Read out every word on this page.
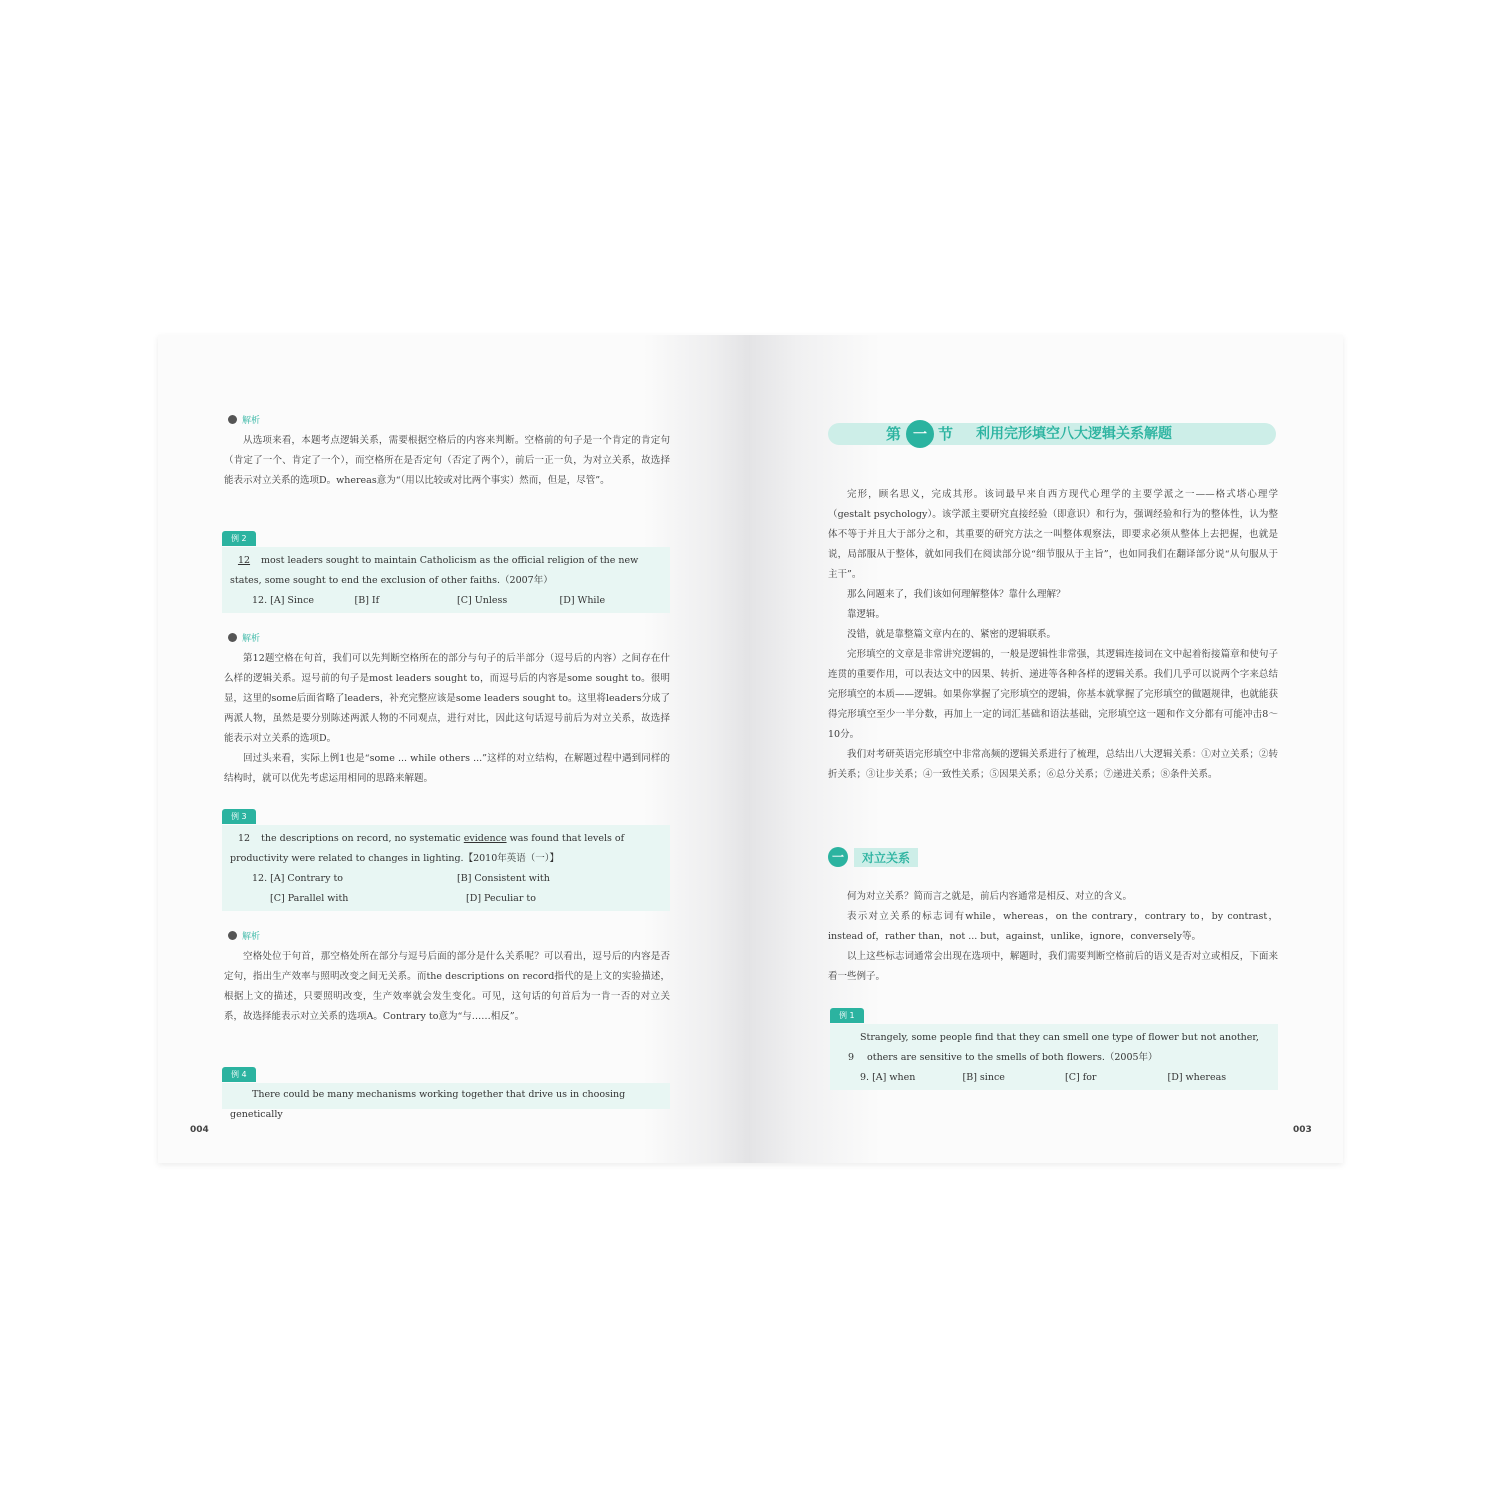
解析

从选项来看，本题考点逻辑关系，需要根据空格后的内容来判断。空格前的句子是一个肯定的肯定句（肯定了一个、肯定了一个），而空格所在是否定句（否定了两个），前后一正一负，为对立关系，故选择能表示对立关系的选项D。whereas意为“（用以比较或对比两个事实）然而，但是，尽管”。

例 2
12 most leaders sought to maintain Catholicism as the official religion of the new states, some sought to end the exclusion of other faiths.（2007年）
12. [A] Since	[B] If	[C] Unless	[D] While
解析

第12题空格在句首，我们可以先判断空格所在的部分与句子的后半部分（逗号后的内容）之间存在什么样的逻辑关系。逗号前的句子是most leaders sought to，而逗号后的内容是some sought to。很明显，这里的some后面省略了leaders，补充完整应该是some leaders sought to。这里将leaders分成了两派人物，虽然是要分别陈述两派人物的不同观点，进行对比，因此这句话逗号前后为对立关系，故选择能表示对立关系的选项D。

回过头来看，实际上例1也是“some ... while others ...”这样的对立结构，在解题过程中遇到同样的结构时，就可以优先考虑运用相同的思路来解题。

例 3
12 the descriptions on record, no systematic evidence was found that levels of productivity were related to changes in lighting.【2010年英语（一）】
12. [A] Contrary to	[B] Consistent with
[C] Parallel with	[D] Peculiar to
解析

空格处位于句首，那空格处所在部分与逗号后面的部分是什么关系呢？可以看出，逗号后的内容是否定句，指出生产效率与照明改变之间无关系。而the descriptions on record指代的是上文的实验描述，根据上文的描述，只要照明改变，生产效率就会发生变化。可见，这句话的句首后为一肯一否的对立关系，故选择能表示对立关系的选项A。Contrary to意为“与……相反”。

例 4
There could be many mechanisms working together that drive us in choosing genetically
004
第 一 节 利用完形填空八大逻辑关系解题

完形，顾名思义，完成其形。该词最早来自西方现代心理学的主要学派之一——格式塔心理学（gestalt psychology）。该学派主要研究直接经验（即意识）和行为，强调经验和行为的整体性，认为整体不等于并且大于部分之和，其重要的研究方法之一叫整体观察法，即要求必须从整体上去把握，也就是说，局部服从于整体，就如同我们在阅读部分说“细节服从于主旨”，也如同我们在翻译部分说“从句服从于主干”。

那么问题来了，我们该如何理解整体？靠什么理解？

靠逻辑。

没错，就是靠整篇文章内在的、紧密的逻辑联系。

完形填空的文章是非常讲究逻辑的，一般是逻辑性非常强，其逻辑连接词在文中起着衔接篇章和使句子连贯的重要作用，可以表达文中的因果、转折、递进等各种各样的逻辑关系。我们几乎可以说两个字来总结完形填空的本质——逻辑。如果你掌握了完形填空的逻辑，你基本就掌握了完形填空的做题规律，也就能获得完形填空至少一半分数，再加上一定的词汇基础和语法基础，完形填空这一题和作文分都有可能冲击8～10分。

我们对考研英语完形填空中非常高频的逻辑关系进行了梳理，总结出八大逻辑关系：①对立关系；②转折关系；③让步关系；④一致性关系；⑤因果关系；⑥总分关系；⑦递进关系；⑧条件关系。

一	对立关系

何为对立关系？简而言之就是，前后内容通常是相反、对立的含义。

表示对立关系的标志词有while，whereas，on the contrary，contrary to，by contrast，instead of，rather than，not ... but，against，unlike，ignore，conversely等。

以上这些标志词通常会出现在选项中，解题时，我们需要判断空格前后的语义是否对立或相反，下面来看一些例子。

例 1
Strangely, some people find that they can smell one type of flower but not another, 9 others are sensitive to the smells of both flowers.（2005年）
9. [A] when	[B] since	[C] for	[D] whereas
003
